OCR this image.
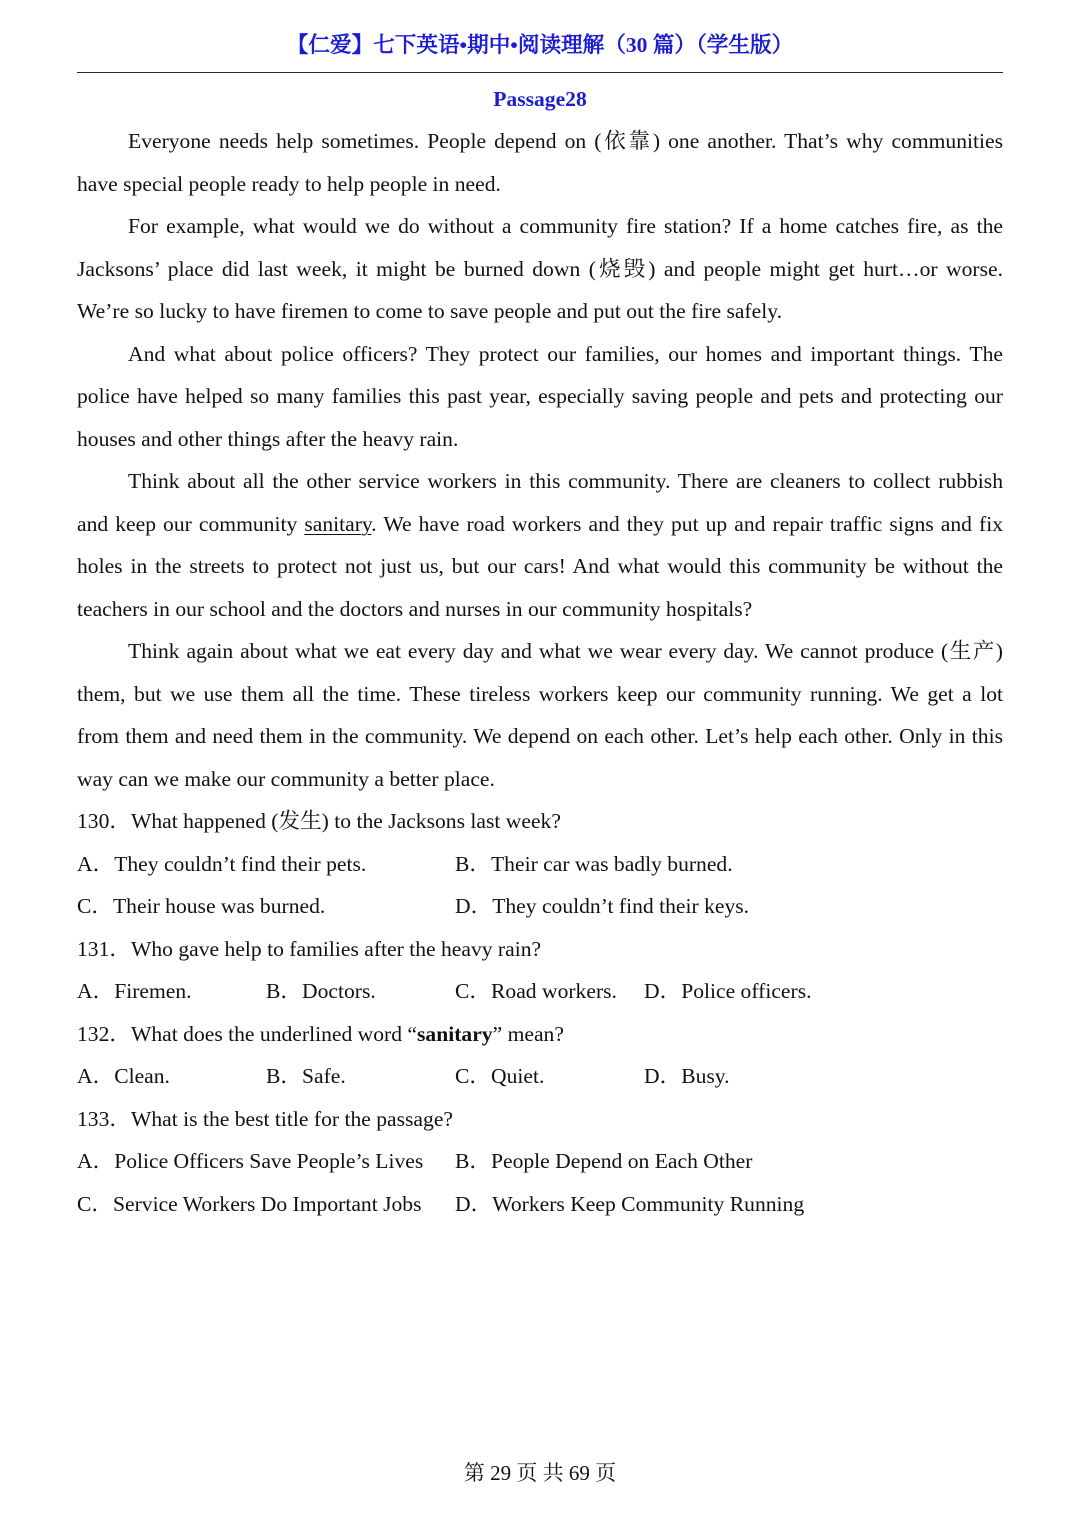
【仁爱】七下英语•期中•阅读理解（30 篇）（学生版）
Passage28
Everyone needs help sometimes. People depend on (依靠) one another. That’s why communities
have special people ready to help people in need.
For example, what would we do without a community fire station? If a home catches fire, as the
Jacksons’ place did last week, it might be burned down (烧毁) and people might get hurt…or worse.
We’re so lucky to have firemen to come to save people and put out the fire safely.
And what about police officers? They protect our families, our homes and important things. The
police have helped so many families this past year, especially saving people and pets and protecting our
houses and other things after the heavy rain.
Think about all the other service workers in this community. There are cleaners to collect rubbish
and keep our community sanitary. We have road workers and they put up and repair traffic signs and fix
holes in the streets to protect not just us, but our cars! And what would this community be without the
teachers in our school and the doctors and nurses in our community hospitals?
Think again about what we eat every day and what we wear every day. We cannot produce (生产)
them, but we use them all the time. These tireless workers keep our community running. We get a lot
from them and need them in the community. We depend on each other. Let’s help each other. Only in this
way can we make our community a better place.
130．What happened (发生) to the Jacksons last week?
A．They couldn’t find their pets.	B．Their car was badly burned.
C．Their house was burned.	D．They couldn’t find their keys.
131．Who gave help to families after the heavy rain?
A．Firemen.	B．Doctors.	C．Road workers.	D．Police officers.
132．What does the underlined word “sanitary” mean?
A．Clean.	B．Safe.	C．Quiet.	D．Busy.
133．What is the best title for the passage?
A．Police Officers Save People’s Lives	B．People Depend on Each Other
C．Service Workers Do Important Jobs	D．Workers Keep Community Running
第 29 页 共 69 页
